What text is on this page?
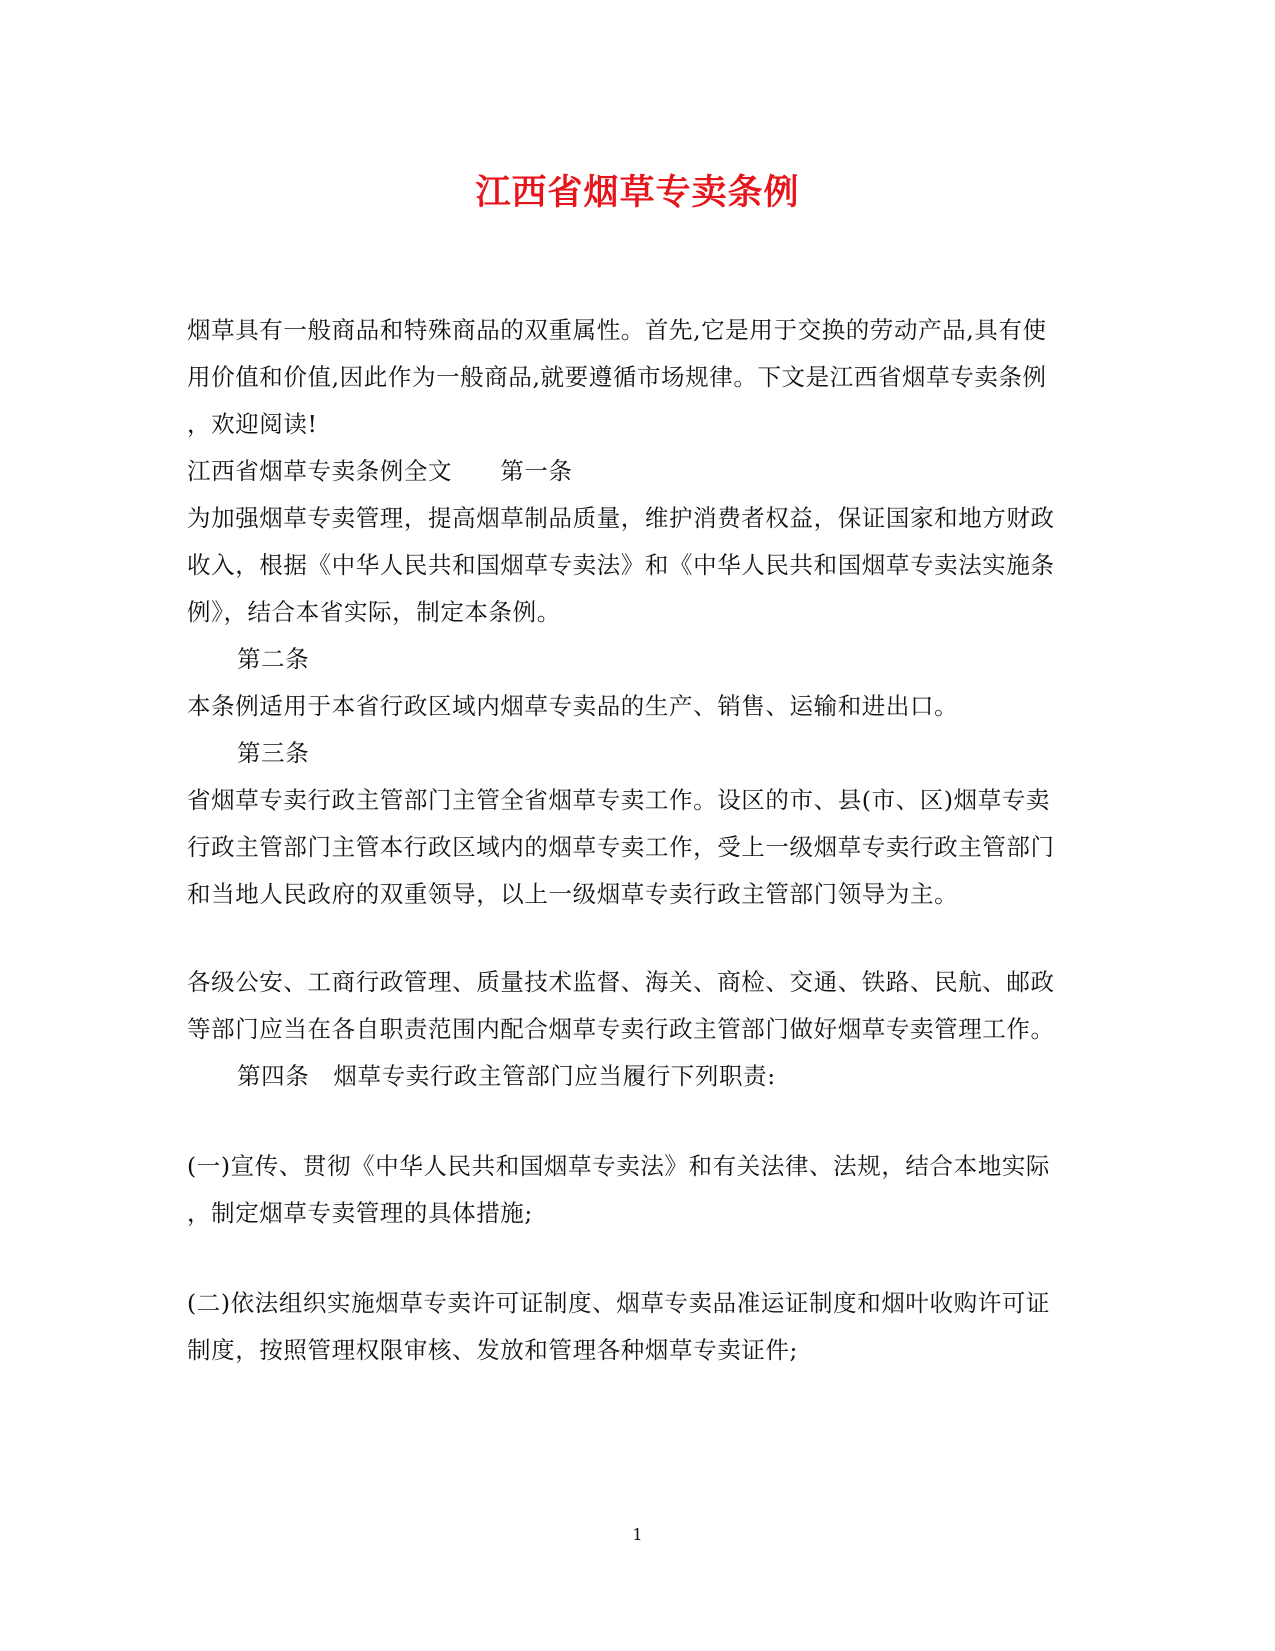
江西省烟草专卖条例
烟草具有一般商品和特殊商品的双重属性。首先,它是用于交换的劳动产品,具有使
用价值和价值,因此作为一般商品,就要遵循市场规律。下文是江西省烟草专卖条例
，欢迎阅读!
江西省烟草专卖条例全文　　第一条
为加强烟草专卖管理，提高烟草制品质量，维护消费者权益，保证国家和地方财政
收入，根据《中华人民共和国烟草专卖法》和《中华人民共和国烟草专卖法实施条
例》，结合本省实际，制定本条例。
第二条
本条例适用于本省行政区域内烟草专卖品的生产、销售、运输和进出口。
第三条
省烟草专卖行政主管部门主管全省烟草专卖工作。设区的市、县(市、区)烟草专卖
行政主管部门主管本行政区域内的烟草专卖工作，受上一级烟草专卖行政主管部门
和当地人民政府的双重领导，以上一级烟草专卖行政主管部门领导为主。
各级公安、工商行政管理、质量技术监督、海关、商检、交通、铁路、民航、邮政
等部门应当在各自职责范围内配合烟草专卖行政主管部门做好烟草专卖管理工作。
第四条　烟草专卖行政主管部门应当履行下列职责:
(一)宣传、贯彻《中华人民共和国烟草专卖法》和有关法律、法规，结合本地实际
，制定烟草专卖管理的具体措施;
(二)依法组织实施烟草专卖许可证制度、烟草专卖品准运证制度和烟叶收购许可证
制度，按照管理权限审核、发放和管理各种烟草专卖证件;
1
